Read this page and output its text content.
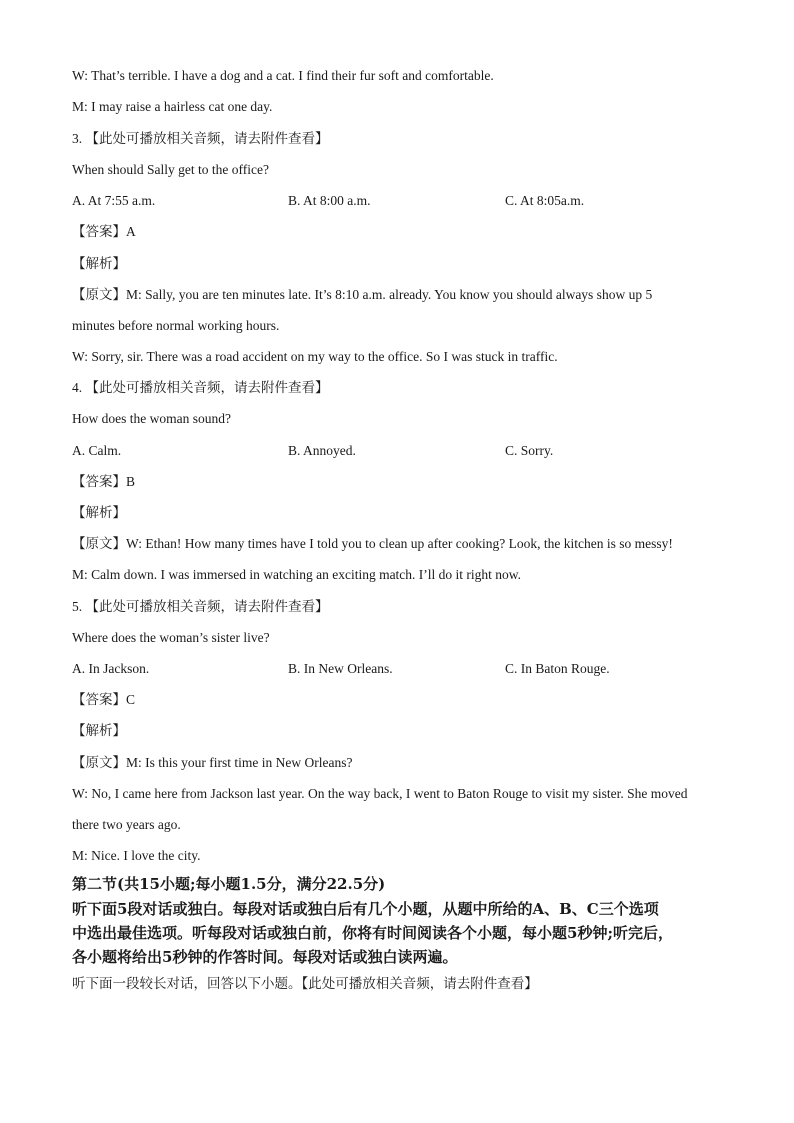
W: That’s terrible. I have a dog and a cat. I find their fur soft and comfortable.
M: I may raise a hairless cat one day.
3. 【此处可播放相关音频，请去附件查看】
When should Sally get to the office?
A. At 7:55 a.m.	B. At 8:00 a.m.	C. At 8:05a.m.
【答案】A
【解析】
【原文】M: Sally, you are ten minutes late. It’s 8:10 a.m. already. You know you should always show up 5
minutes before normal working hours.
W: Sorry, sir. There was a road accident on my way to the office. So I was stuck in traffic.
4. 【此处可播放相关音频，请去附件查看】
How does the woman sound?
A. Calm.	B. Annoyed.	C. Sorry.
【答案】B
【解析】
【原文】W: Ethan! How many times have I told you to clean up after cooking? Look, the kitchen is so messy!
M: Calm down. I was immersed in watching an exciting match. I’ll do it right now.
5. 【此处可播放相关音频，请去附件查看】
Where does the woman’s sister live?
A. In Jackson.	B. In New Orleans.	C. In Baton Rouge.
【答案】C
【解析】
【原文】M: Is this your first time in New Orleans?
W: No, I came here from Jackson last year. On the way back, I went to Baton Rouge to visit my sister. She moved
there two years ago.
M: Nice. I love the city.
第二节(共15小题;每小题1.5分，满分22.5分)
听下面5段对话或独白。每段对话或独白后有几个小题，从题中所给的A、B、C三个选项
中选出最佳选项。听每段对话或独白前，你将有时间阅读各个小题，每小题5秒钟;听完后，
各小题将给出5秒钟的作答时间。每段对话或独白读两遍。
听下面一段较长对话，回答以下小题。【此处可播放相关音频，请去附件查看】
